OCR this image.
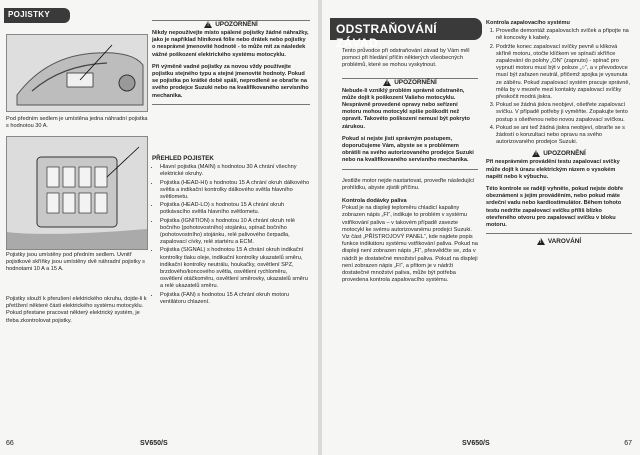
POJISTKY
Pod předním sedlem je umístěna jedna náhradní pojistka s hodnotou 30 A.
Pojistky jsou umístěny pod předním sedlem. Uvnitř pojistkové skříňky jsou umístěny dvě náhradní pojistky s hodnotami 10 A a 15 A.
Pojistky slouží k přerušení elektrického okruhu, dojde-li k přetížení některé části elektrického systému motocyklu. Pokud přestane pracovat některý elektrický systém, je třeba zkontrolovat pojistky.
!
UPOZORNĚNÍ
Nikdy nepoužívejte místo spálené pojistky žádné náhražky, jako je například hliníková fólie nebo drátek nebo pojistky o nesprávné jmenovité hodnotě - to může mít za následek vážné poškození elektrického systému motocyklu.
Při výměně vadné pojistky za novou vždy používejte pojistku stejného typu a stejné jmenovité hodnoty. Pokud se pojistka po krátké době spálí, neprodleně se obraťte na svého prodejce Suzuki nebo na kvalifikovaného servisního mechanika.
PŘEHLED POJISTEK
• Hlavní pojistka (MAIN) s hodnotou 30 A chrání všechny elektrické okruhy.
• Pojistka (HEAD-HI) s hodnotou 15 A chrání okruh dálkového světla a indikační kontrolky dálkového světla hlavního světlometu.
• Pojistka (HEAD-LO) s hodnotou 15 A chrání okruh potkávacího světla hlavního světlometu.
• Pojistka (IGNITION) s hodnotou 10 A chrání okruh relé bočního (pohotovostního) stojánku, spínač bočního (pohotovostního) stojánku, relé palivového čerpadla, zapalovací cívky, relé startéru a ECM.
• Pojistka (SIGNAL) s hodnotou 15 A chrání okruh indikační kontrolky tlaku oleje, indikační kontrolky ukazatelů směru, indikační kontrolky neutrálu, houkačky, osvětlení SPZ, brzdového/koncového světla, osvětlení rychloměru, osvětlení otáčkoměru, osvětlení směrovky, ukazatelů směru a relé ukazatelů směru.
• Pojistka (FAN) s hodnotou 15 A chrání okruh motoru ventilátoru chlazení.
66	SV650/S
ODSTRAŇOVÁNÍ ZÁVAD
Tento průvodce při odstraňování závad by Vám měl pomoci při hledání příčin některých všeobecných problémů, které se mohou vyskytnout.
!
UPOZORNĚNÍ
Nebude-li vzniklý problém správně odstraněn, může dojít k poškození Vašeho motocyklu. Nesprávně provedené opravy nebo seřízení motoru mohou motocykl spíše poškodit než opravit. Takovéto poškození nemusí být pokryto zárukou.
Pokud si nejste jisti správným postupem, doporučujeme Vám, abyste se s problémem obrátili na svého autorizovaného prodejce Suzuki nebo na kvalifikovaného servisního mechanika.
Jestliže motor nejde nastartovat, proveďte následující prohlídku, abyste zjistili příčinu.
Kontrola dodávky paliva
Pokud je na displeji teploměru chladicí kapaliny zobrazen nápis „FI“, indikuje to problém v systému vstřikování paliva – v takovém případě zavezte motocykl ke svému autorizovanému prodejci Suzuki. Viz část „PŘÍSTROJOVÝ PANEL“, kde najdete popis funkce indikátoru systému vstřikování paliva. Pokud na displeji není zobrazen nápis „FI“, přesvědčte se, zda v nádrži je dostatečné množství paliva. Pokud na displeji není zobrazen nápis „FI“, a přitom je v nádrži dostatečné množství paliva, může být potřeba provedena kontrola zapalovacího systému.
Kontrola zapalovacího systému
1. Proveďte demontáž zapalovacích svíček a připojte na ně koncovky k kabely.
2. Podržte konec zapalovací svíčky pevně u kliková skříně motoru, otočte klíčkem ve spínači skříňce zapalování do polohy „ON“ (zapnuto) - spínač pro vypnutí motoru musí být v poloze „○“, a v převodovce musí být zařazen neutrál, přičemž spojka je vysunuta ze záběru. Pokud zapalovací systém pracuje správně, měla by v mezeře mezi kontakty zapalovací svíčky přeskočit modrá jiskra.
3. Pokud se žádná jiskra neobjeví, ošetřete zapalovací svíčku. V případě potřeby ji vyměňte. Zopakujte tento postup s ošetřenou nebo novou zapalovací svíčkou.
4. Pokud se ani teď žádná jiskra neobjeví, obraťte se s žádostí o konzultaci nebo opravu na svého autorizovaného prodejce Suzuki.
!
UPOZORNĚNÍ
Při nesprávném provádění testu zapalovací svíčky může dojít k úrazu elektrickým rázem o vysokém napětí nebo k výbuchu.
Této kontrole se raději vyhněte, pokud nejste dobře obeznámeni s jejím prováděním, nebo pokud máte srdeční vadu nebo kardiostimulátor. Během tohoto testu nedržte zapalovací svíčku příliš blízko otevřeného otvoru pro zapalovací svíčku v bloku motoru.
!
VAROVÁNÍ
SV650/S	67
